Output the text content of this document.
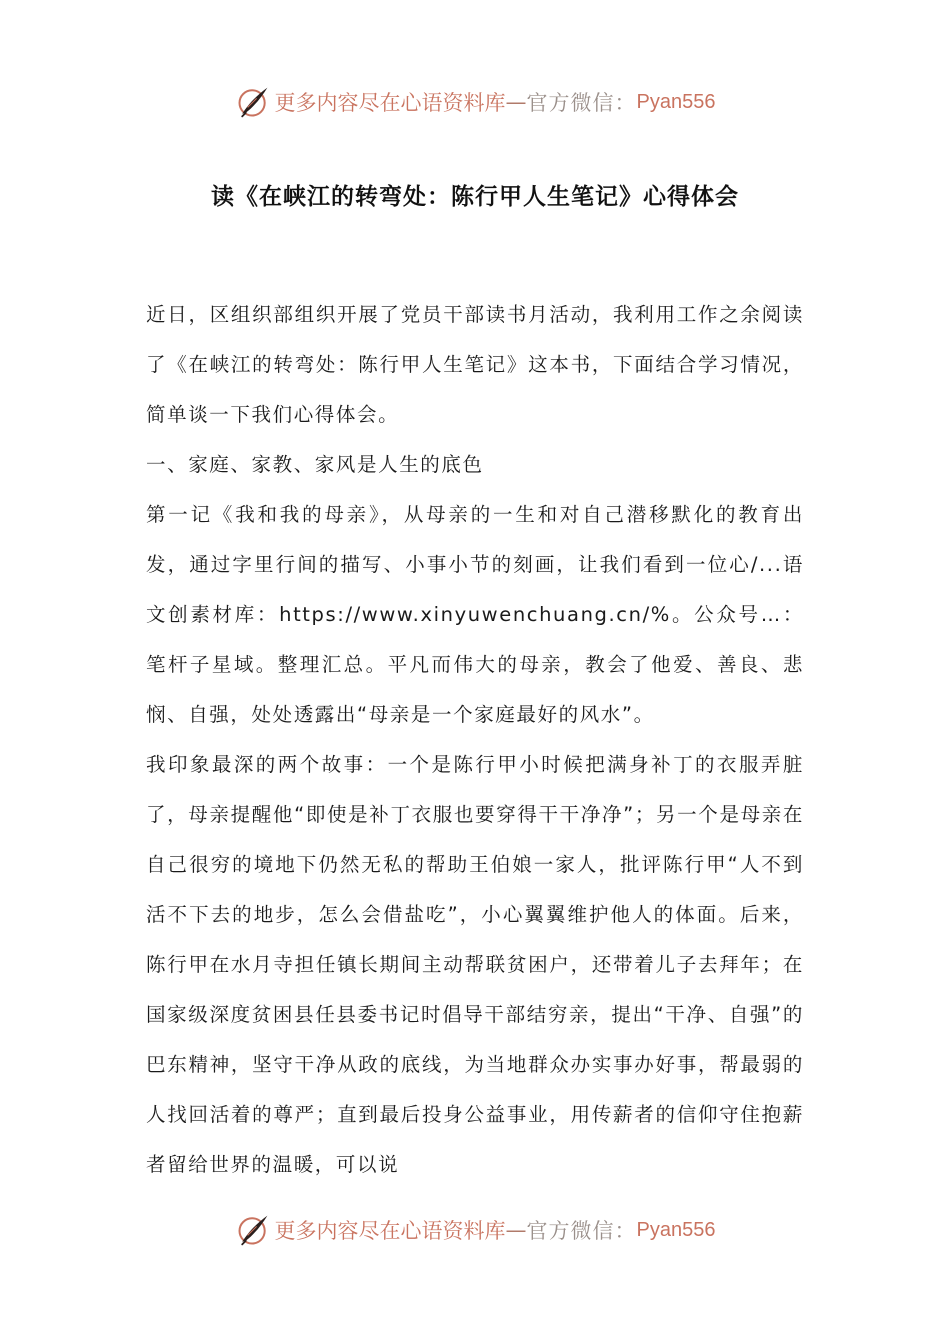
更多内容尽在心语资料库 — 官方微信： Pyan556
读《在峡江的转弯处：陈行甲人生笔记》心得体会

近日，区组织部组织开展了党员干部读书月活动，我利用工作之余阅读了《在峡江的转弯处：陈行甲人生笔记》这本书，下面结合学习情况，简单谈一下我们心得体会。

一、家庭、家教、家风是人生的底色

第一记《我和我的母亲》，从母亲的一生和对自己潜移默化的教育出发，通过字里行间的描写、小事小节的刻画，让我们看到一位心/...语文创素材库：https://www.xinyuwenchuang.cn/%。公众号…：笔杆子星域。整理汇总。平凡而伟大的母亲，教会了他爱、善良、悲悯、自强，处处透露出“母亲是一个家庭最好的风水”。

我印象最深的两个故事：一个是陈行甲小时候把满身补丁的衣服弄脏了，母亲提醒他“即使是补丁衣服也要穿得干干净净”；另一个是母亲在自己很穷的境地下仍然无私的帮助王伯娘一家人，批评陈行甲“人不到活不下去的地步，怎么会借盐吃”，小心翼翼维护他人的体面。后来，陈行甲在水月寺担任镇长期间主动帮联贫困户，还带着儿子去拜年；在国家级深度贫困县任县委书记时倡导干部结穷亲，提出“干净、自强”的巴东精神，坚守干净从政的底线，为当地群众办实事办好事，帮最弱的人找回活着的尊严；直到最后投身公益事业，用传薪者的信仰守住抱薪者留给世界的温暖，可以说

更多内容尽在心语资料库 — 官方微信： Pyan556
